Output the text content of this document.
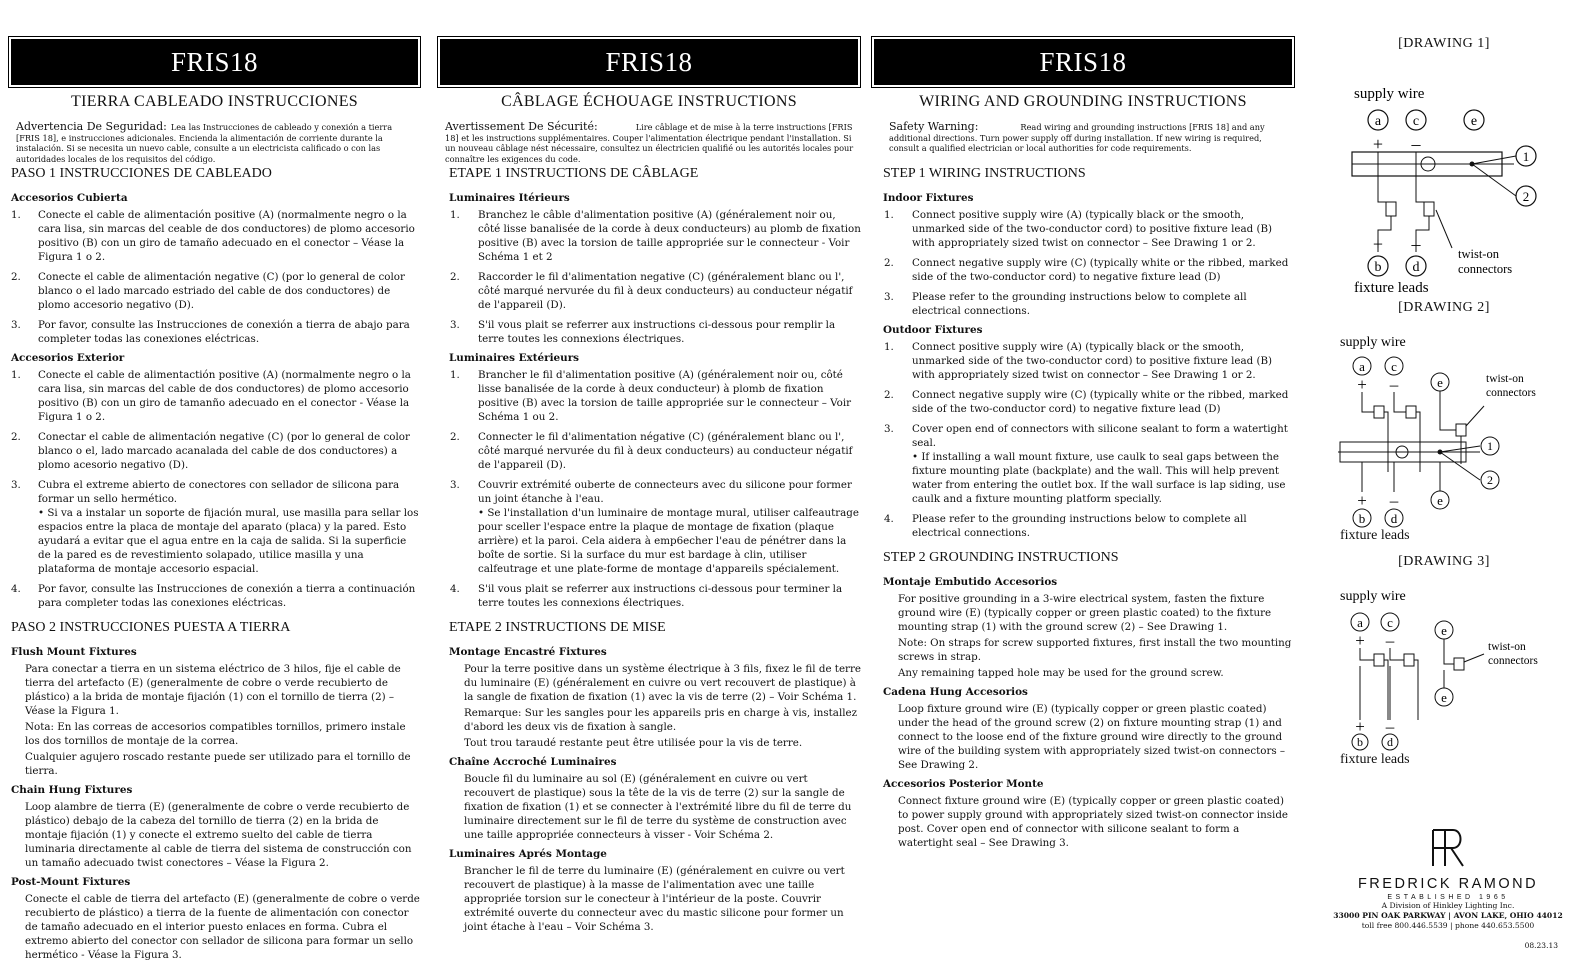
FRIS18
TIERRA CABLEADO INSTRUCCIONES
Advertencia De Seguridad: Lea las Instrucciones de cableado y conexión a tierra [FRIS 18], e instrucciones adicionales. Encienda la alimentación de corriente durante la instalación. Si se necesita un nuevo cable, consulte a un electricista calificado o con las autoridades locales de los requisitos del código.
PASO 1 INSTRUCCIONES DE CABLEADO
Accesorios Cubierta
1.	Conecte el cable de alimentación positive (A) (normalmente negro o la cara lisa, sin marcas del ceable de dos conductores) de plomo accesorio positivo (B) con un giro de tamaño adecuado en el conector – Véase la Figura 1 o 2.
2.	Conecte el cable de alimentación negative (C) (por lo general de color blanco o el lado marcado estriado del cable de dos conductores) de plomo accesorio negativo (D).
3.	Por favor, consulte las Instrucciones de conexión a tierra de abajo para completer todas las conexiones eléctricas.
Accesorios Exterior
1.	Conecte el cable de alimentactión positive (A) (normalmente negro o la cara lisa, sin marcas del cable de dos conductores) de plomo accesorio positivo (B) con un giro de tamanño adecuado en el conector - Véase la Figura 1 o 2.
2.	Conectar el cable de alimentación negative (C) (por lo general de color blanco o el, lado marcado acanalada del cable de dos conductores) a plomo acesorio negativo (D).
3.	Cubra el extreme abierto de conectores con sellador de silicona para formar un sello hermético.
• Si va a instalar un soporte de fijación mural, use masilla para sellar los espacios entre la placa de montaje del aparato (placa) y la pared. Esto ayudará a evitar que el agua entre en la caja de salida. Si la superficie de la pared es de revestimiento solapado, utilice masilla y una plataforma de montaje accesorio espacial.
4.	Por favor, consulte las Instrucciones de conexión a tierra a continuación para completer todas las conexiones eléctricas.
PASO 2 INSTRUCCIONES PUESTA A TIERRA
Flush Mount Fixtures
Para conectar a tierra en un sistema eléctrico de 3 hilos, fije el cable de tierra del artefacto (E) (generalmente de cobre o verde recubierto de plástico) a la brida de montaje fijación (1) con el tornillo de tierra (2) – Véase la Figura 1.
Nota: En las correas de accesorios compatibles tornillos, primero instale los dos tornillos de montaje de la correa.
Cualquier agujero roscado restante puede ser utilizado para el tornillo de tierra.
Chain Hung Fixtures
Loop alambre de tierra (E) (generalmente de cobre o verde recubierto de plástico) debajo de la cabeza del tornillo de tierra (2) en la brida de montaje fijación (1) y conecte el extremo suelto del cable de tierra luminaria directamente al cable de tierra del sistema de construcción con un tamaño adecuado twist conectores – Véase la Figura 2.
Post-Mount Fixtures
Conecte el cable de tierra del artefacto (E) (generalmente de cobre o verde recubierto de plástico) a tierra de la fuente de alimentación con conector de tamaño adecuado en el interior puesto enlaces en forma. Cubra el extremo abierto del conector con sellador de silicona para formar un sello hermético - Véase la Figura 3.
FRIS18
CÂBLAGE ÉCHOUAGE INSTRUCTIONS
Avertissement De Sécurité:	Lire câblage et de mise à la terre instructions [FRIS 18] et les instructions supplémentaires. Couper l'alimentation électrique pendant l'installation. Si un nouveau câblage nést nécessaire, consultez un électricien qualifié ou les autorités locales pour connaître les exigences du code.
ETAPE 1 INSTRUCTIONS DE CÂBLAGE
Luminaires Itérieurs
1.	Branchez le câble d'alimentation positive (A) (généralement noir ou, côté lisse banalisée de la corde à deux conducteurs) au plomb de fixation positive (B) avec la torsion de taille appropriée sur le connecteur - Voir Schéma 1 et 2
2.	Raccorder le fil d'alimentation negative (C) (généralement blanc ou l', côté marqué nervurée du fil à deux conducteurs) au conducteur négatif de l'appareil (D).
3.	S'il vous plait se referrer aux instructions ci-dessous pour remplir la terre toutes les connexions électriques.
Luminaires Extérieurs
1.	Brancher le fil d'alimentation positive (A) (généralement noir ou, côté lisse banalisée de la corde à deux conducteur) à plomb de fixation positive (B) avec la torsion de taille appropriée sur le connecteur – Voir Schéma 1 ou 2.
2.	Connecter le fil d'alimentation négative (C) (généralement blanc ou l', côté marqué nervurée du fil à deux conducteurs) au conducteur négatif de l'appareil (D).
3.	Couvrir extrémité ouberte de connecteurs avec du silicone pour former un joint étanche à l'eau.
• Se l'installation d'un luminaire de montage mural, utiliser calfeautrage pour sceller l'espace entre la plaque de montage de fixation (plaque arrière) et la paroi. Cela aidera à emp6echer l'eau de pénétrer dans la boîte de sortie. Si la surface du mur est bardage à clin, utiliser calfeutrage et une plate-forme de montage d'appareils spécialement.
4.	S'il vous plait se referrer aux instructions ci-dessous pour terminer la terre toutes les connexions électriques.
ETAPE 2 INSTRUCTIONS DE MISE
Montage Encastré Fixtures
Pour la terre positive dans un système électrique à 3 fils, fixez le fil de terre du luminaire (E) (généralement en cuivre ou vert recouvert de plastique) à la sangle de fixation de fixation (1) avec la vis de terre (2) – Voir Schéma 1.
Remarque: Sur les sangles pour les appareils pris en charge à vis, installez d'abord les deux vis de fixation à sangle.
Tout trou taraudé restante peut être utilisée pour la vis de terre.
Chaîne Accroché Luminaires
Boucle fil du luminaire au sol (E) (généralement en cuivre ou vert recouvert de plastique) sous la tête de la vis de terre (2) sur la sangle de fixation de fixation (1) et se connecter à l'extrémité libre du fil de terre du luminaire directement sur le fil de terre du système de construction avec une taille appropriée connecteurs à visser - Voir Schéma 2.
Luminaires Aprés Montage
Brancher le fil de terre du luminaire (E) (généralement en cuivre ou vert recouvert de plastique) à la masse de l'alimentation avec une taille appropriée torsion sur le conecteur à l'intérieur de la poste. Couvrir extrémité ouverte du connecteur avec du mastic silicone pour former un joint étache à l'eau – Voir Schéma 3.
FRIS18
WIRING AND GROUNDING INSTRUCTIONS
Safety Warning:	Read wiring and grounding instructions [FRIS 18] and any additional directions. Turn power supply off during installation. If new wiring is required, consult a qualified electrician or local authorities for code requirements.
STEP 1 WIRING INSTRUCTIONS
Indoor Fixtures
1.	Connect positive supply wire (A) (typically black or the smooth, unmarked side of the two-conductor cord) to positive fixture lead (B) with appropriately sized twist on connector – See Drawing 1 or 2.
2.	Connect negative supply wire (C) (typically white or the ribbed, marked side of the two-conductor cord) to negative fixture lead (D)
3.	Please refer to the grounding instructions below to complete all electrical connections.
Outdoor Fixtures
1.	Connect positive supply wire (A) (typically black or the smooth, unmarked side of the two-conductor cord) to positive fixture lead (B) with appropriately sized twist on connector – See Drawing 1 or 2.
2.	Connect negative supply wire (C) (typically white or the ribbed, marked side of the two-conductor cord) to negative fixture lead (D)
3.	Cover open end of connectors with silicone sealant to form a watertight seal.
• If installing a wall mount fixture, use caulk to seal gaps between the fixture mounting plate (backplate) and the wall. This will help prevent water from entering the outlet box. If the wall surface is lap siding, use caulk and a fixture mounting platform specially.
4.	Please refer to the grounding instructions below to complete all electrical connections.
STEP 2 GROUNDING INSTRUCTIONS
Montaje Embutido Accesorios
For positive grounding in a 3-wire electrical system, fasten the fixture ground wire (E) (typically copper or green plastic coated) to the fixture mounting strap (1) with the ground screw (2) – See Drawing 1.
Note: On straps for screw supported fixtures, first install the two mounting screws in strap.
Any remaining tapped hole may be used for the ground screw.
Cadena Hung Accesorios
Loop fixture ground wire (E) (typically copper or green plastic coated) under the head of the ground screw (2) on fixture mounting strap (1) and connect to the loose end of the fixture ground wire directly to the ground wire of the building system with appropriately sized twist-on connectors – See Drawing 2.
Accesorios Posterior Monte
Connect fixture ground wire (E) (typically copper or green plastic coated) to power supply ground with appropriately sized twist-on connector inside post. Cover open end of connector with silicone sealant to form a watertight seal – See Drawing 3.
[DRAWING 1]
supply wire
a c	e
+ –
1
2
+ –
b d
twist-on
connectors
fixture leads
[DRAWING 2]
supply wire
a c
e	twist-on
connectors
+ –
1
2
+ –	e
b d
fixture leads
[DRAWING 3]
supply wire
a c
e
twist-on
connectors
+ –
e
+ –
b d
fixture leads
FREDRICK RAMOND
ESTABLISHED 1965
A Division of Hinkley Lighting Inc.
33000 PIN OAK PARKWAY | AVON LAKE, OHIO 44012
toll free 800.446.5539 | phone 440.653.5500
08.23.13
